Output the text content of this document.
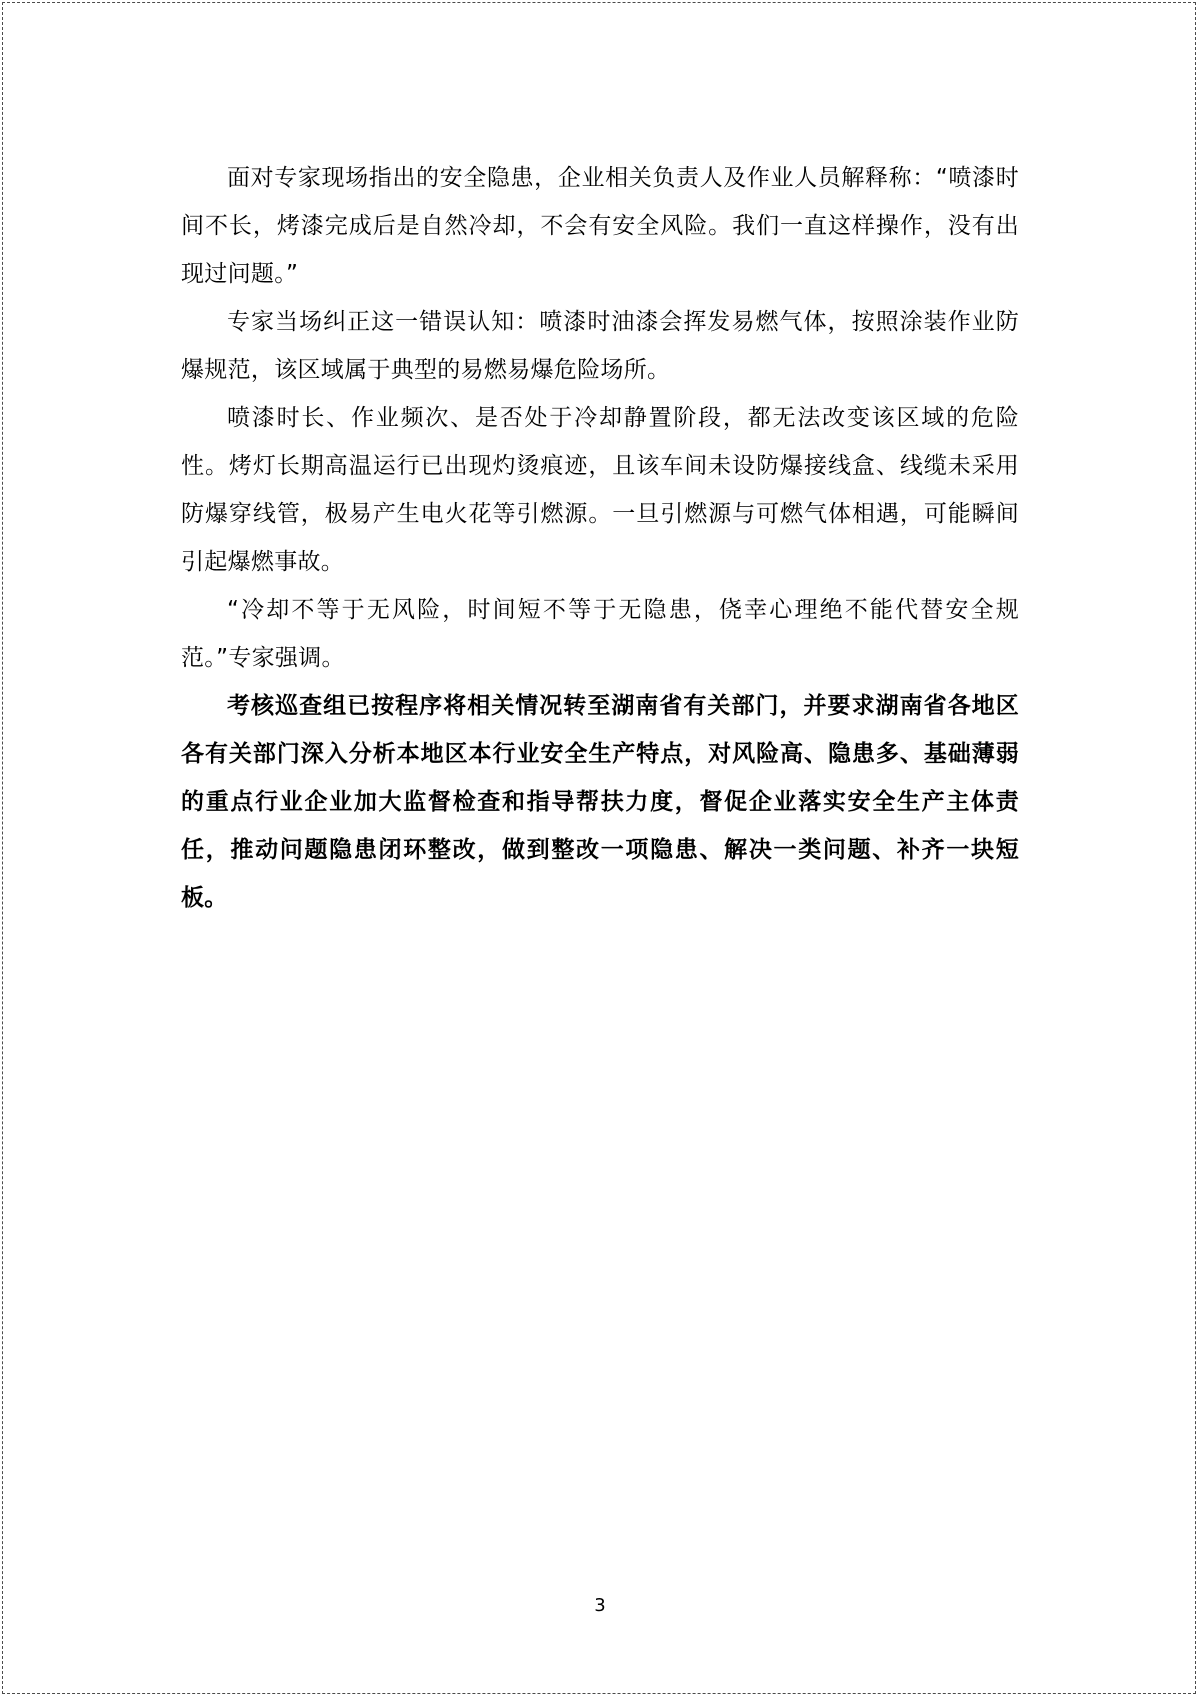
面对专家现场指出的安全隐患，企业相关负责人及作业人员解释称：“喷漆时间不长，烤漆完成后是自然冷却，不会有安全风险。我们一直这样操作，没有出现过问题。”

专家当场纠正这一错误认知：喷漆时油漆会挥发易燃气体，按照涂装作业防爆规范，该区域属于典型的易燃易爆危险场所。

喷漆时长、作业频次、是否处于冷却静置阶段，都无法改变该区域的危险性。烤灯长期高温运行已出现灼烫痕迹，且该车间未设防爆接线盒、线缆未采用防爆穿线管，极易产生电火花等引燃源。一旦引燃源与可燃气体相遇，可能瞬间引起爆燃事故。

“冷却不等于无风险，时间短不等于无隐患，侥幸心理绝不能代替安全规范。”专家强调。

考核巡查组已按程序将相关情况转至湖南省有关部门，并要求湖南省各地区各有关部门深入分析本地区本行业安全生产特点，对风险高、隐患多、基础薄弱的重点行业企业加大监督检查和指导帮扶力度，督促企业落实安全生产主体责任，推动问题隐患闭环整改，做到整改一项隐患、解决一类问题、补齐一块短板。

3
